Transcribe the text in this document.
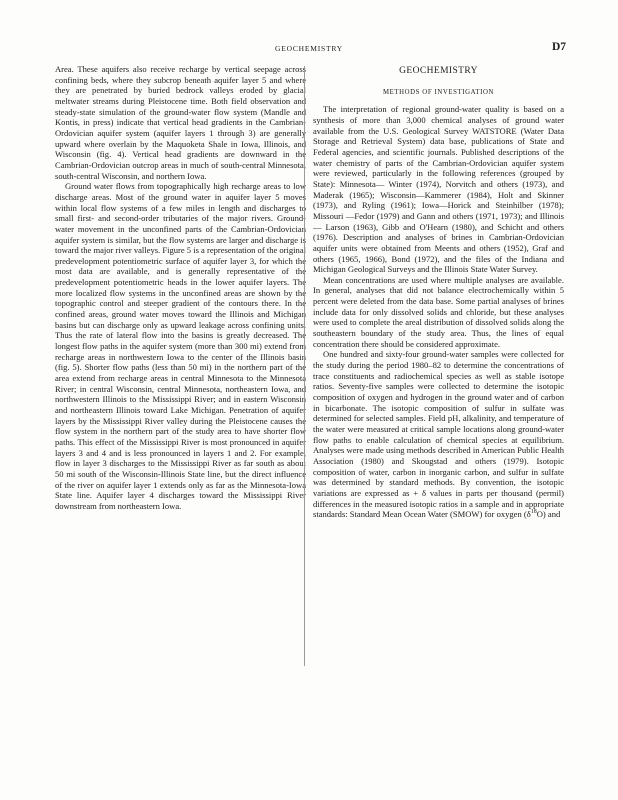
GEOCHEMISTRY	D7

Area. These aquifers also receive recharge by vertical seepage across confining beds, where they subcrop beneath aquifer layer 5 and where they are penetrated by buried bedrock valleys eroded by glacial meltwater streams during Pleistocene time. Both field observation and steady-state simulation of the ground-water flow system (Mandle and Kontis, in press) indicate that vertical head gradients in the Cambrian-Ordovician aquifer system (aquifer layers 1 through 3) are generally upward where overlain by the Maquoketa Shale in Iowa, Illinois, and Wisconsin (fig. 4). Vertical head gradients are downward in the Cambrian-Ordovician outcrop areas in much of south-central Minnesota, south-central Wisconsin, and northern Iowa.

Ground water flows from topographically high recharge areas to low discharge areas. Most of the ground water in aquifer layer 5 moves within local flow systems of a few miles in length and discharges to small first- and second-order tributaries of the major rivers. Ground-water movement in the unconfined parts of the Cambrian-Ordovician aquifer system is similar, but the flow systems are larger and discharge is toward the major river valleys. Figure 5 is a representation of the original predevelopment potentiometric surface of aquifer layer 3, for which the most data are available, and is generally representative of the predevelopment potentiometric heads in the lower aquifer layers. The more localized flow systems in the unconfined areas are shown by the topographic control and steeper gradient of the contours there. In the confined areas, ground water moves toward the Illinois and Michigan basins but can discharge only as upward leakage across confining units. Thus the rate of lateral flow into the basins is greatly decreased. The longest flow paths in the aquifer system (more than 300 mi) extend from recharge areas in northwestern Iowa to the center of the Illinois basin (fig. 5). Shorter flow paths (less than 50 mi) in the northern part of the area extend from recharge areas in central Minnesota to the Minnesota River; in central Wisconsin, central Minnesota, northeastern Iowa, and northwestern Illinois to the Mississippi River; and in eastern Wisconsin and northeastern Illinois toward Lake Michigan. Penetration of aquifer layers by the Mississippi River valley during the Pleistocene causes the flow system in the northern part of the study area to have shorter flow paths. This effect of the Mississippi River is most pronounced in aquifer layers 3 and 4 and is less pronounced in layers 1 and 2. For example, flow in layer 3 discharges to the Mississippi River as far south as about 50 mi south of the Wisconsin-Illinois State line, but the direct influence of the river on aquifer layer 1 extends only as far as the Minnesota-Iowa State line. Aquifer layer 4 discharges toward the Mississippi River downstream from northeastern Iowa.

GEOCHEMISTRY

METHODS OF INVESTIGATION

The interpretation of regional ground-water quality is based on a synthesis of more than 3,000 chemical analyses of ground water available from the U.S. Geological Survey WATSTORE (Water Data Storage and Retrieval System) data base, publications of State and Federal agencies, and scientific journals. Published descriptions of the water chemistry of parts of the Cambrian-Ordovician aquifer system were reviewed, particularly in the following references (grouped by State): Minnesota— Winter (1974), Norvitch and others (1973), and Maderak (1965); Wisconsin—Kammerer (1984), Holt and Skinner (1973), and Ryling (1961); Iowa—Horick and Steinhilber (1978); Missouri —Fedor (1979) and Gann and others (1971, 1973); and Illinois— Larson (1963), Gibb and O'Hearn (1980), and Schicht and others (1976). Description and analyses of brines in Cambrian-Ordovician aquifer units were obtained from Meents and others (1952), Graf and others (1965, 1966), Bond (1972), and the files of the Indiana and Michigan Geological Surveys and the Illinois State Water Survey.

Mean concentrations are used where multiple analyses are available. In general, analyses that did not balance electrochemically within 5 percent were deleted from the data base. Some partial analyses of brines include data for only dissolved solids and chloride, but these analyses were used to complete the areal distribution of dissolved solids along the southeastern boundary of the study area. Thus, the lines of equal concentration there should be considered approximate.

One hundred and sixty-four ground-water samples were collected for the study during the period 1980–82 to determine the concentrations of trace constituents and radiochemical species as well as stable isotope ratios. Seventy-five samples were collected to determine the isotopic composition of oxygen and hydrogen in the ground water and of carbon in bicarbonate. The isotopic composition of sulfur in sulfate was determined for selected samples. Field pH, alkalinity, and temperature of the water were measured at critical sample locations along ground-water flow paths to enable calculation of chemical species at equilibrium. Analyses were made using methods described in American Public Health Association (1980) and Skougstad and others (1979). Isotopic composition of water, carbon in inorganic carbon, and sulfur in sulfate was determined by standard methods. By convention, the isotopic variations are expressed as + δ values in parts per thousand (permil) differences in the measured isotopic ratios in a sample and in appropriate standards: Standard Mean Ocean Water (SMOW) for oxygen $(\delta^{18}O)$ and
